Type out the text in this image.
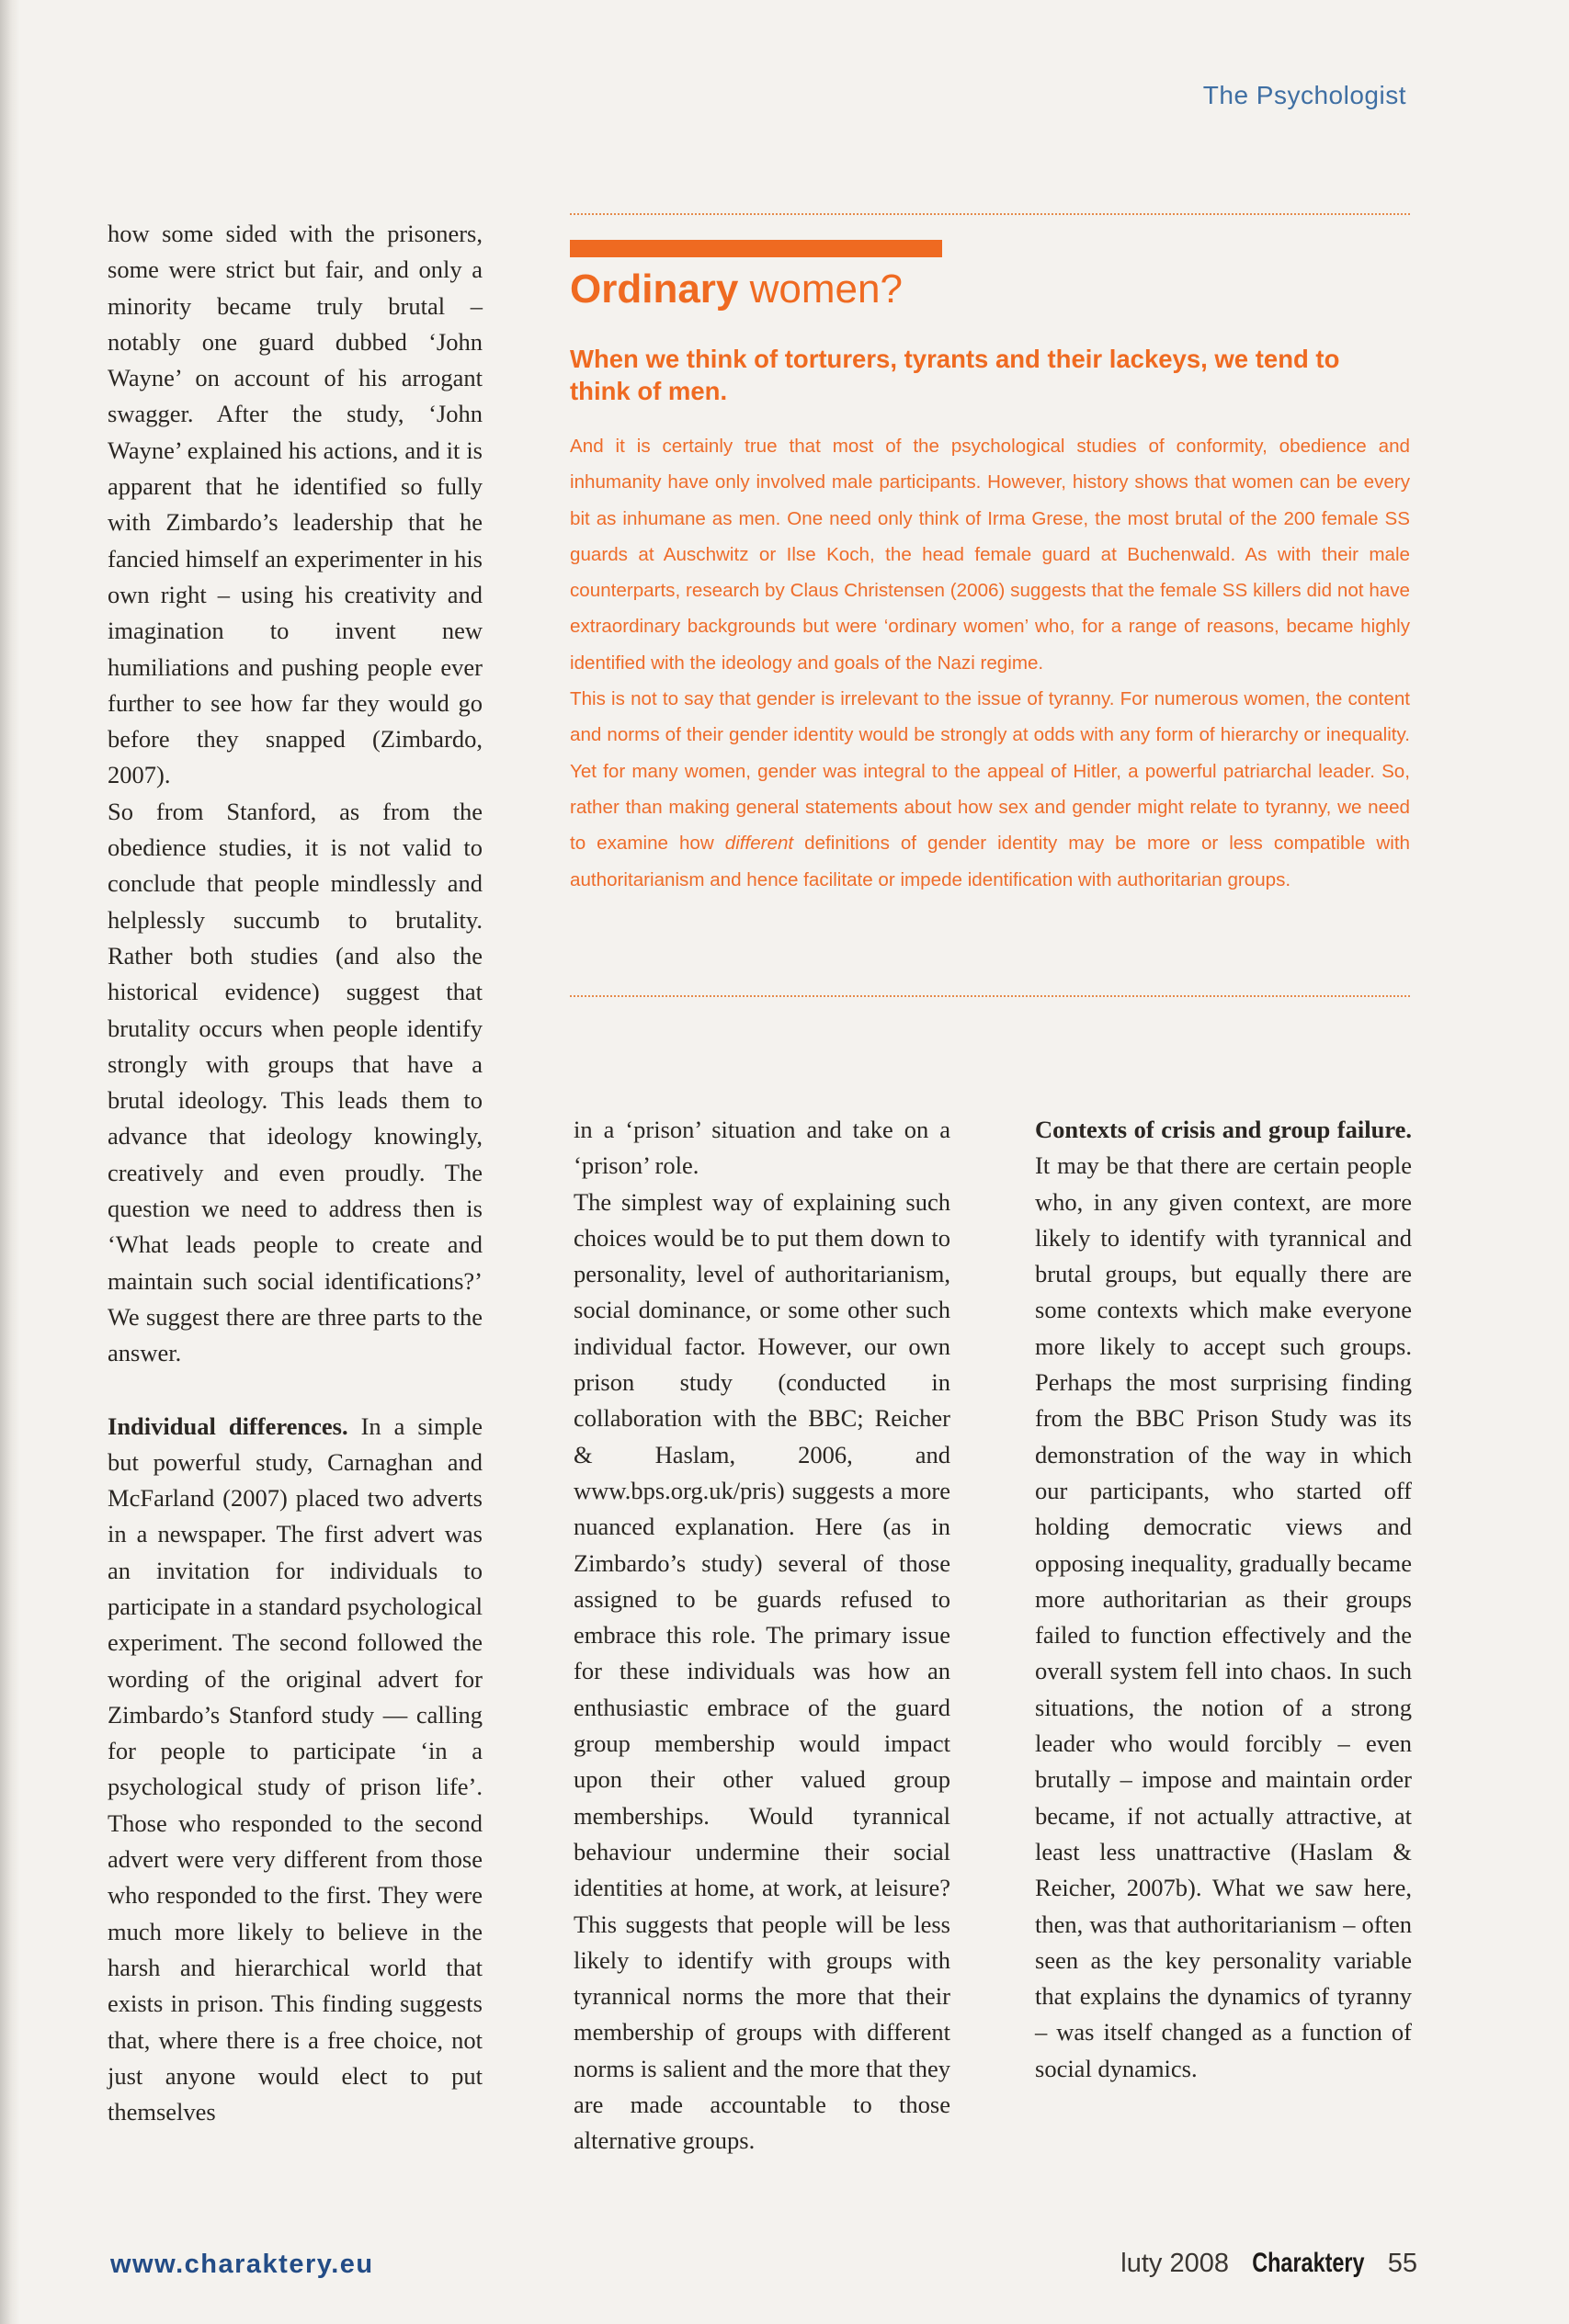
The Psychologist

how some sided with the prisoners, some were strict but fair, and only a minority became truly brutal – notably one guard dubbed ‘John Wayne’ on account of his arrogant swagger. After the study, ‘John Wayne’ explained his actions, and it is apparent that he identified so fully with Zimbardo’s leadership that he fancied himself an experimenter in his own right – using his creativity and imagination to invent new humiliations and pushing people ever further to see how far they would go before they snapped (Zimbardo, 2007).

So from Stanford, as from the obedience studies, it is not valid to conclude that people mindlessly and helplessly succumb to brutality. Rather both studies (and also the historical evidence) suggest that brutality occurs when people identify strongly with groups that have a brutal ideology. This leads them to advance that ideology knowingly, creatively and even proudly. The question we need to address then is ‘What leads people to create and maintain such social identifications?’ We suggest there are three parts to the answer.

Individual differences. In a simple but powerful study, Carnaghan and McFarland (2007) placed two adverts in a newspaper. The first advert was an invitation for individuals to participate in a standard psychological experiment. The second followed the wording of the original advert for Zimbardo’s Stanford study — calling for people to participate ‘in a psychological study of prison life’. Those who responded to the second advert were very different from those who responded to the first. They were much more likely to believe in the harsh and hierarchical world that exists in prison. This finding suggests that, where there is a free choice, not just anyone would elect to put themselves

Ordinary women?
When we think of torturers, tyrants and their lackeys, we tend to think of men.

And it is certainly true that most of the psychological studies of conformity, obedience and inhumanity have only involved male participants. However, history shows that women can be every bit as inhumane as men. One need only think of Irma Grese, the most brutal of the 200 female SS guards at Auschwitz or Ilse Koch, the head female guard at Buchenwald. As with their male counterparts, research by Claus Christensen (2006) suggests that the female SS killers did not have extraordinary backgrounds but were ‘ordinary women’ who, for a range of reasons, became highly identified with the ideology and goals of the Nazi regime.

This is not to say that gender is irrelevant to the issue of tyranny. For numerous women, the content and norms of their gender identity would be strongly at odds with any form of hierarchy or inequality. Yet for many women, gender was integral to the appeal of Hitler, a powerful patriarchal leader. So, rather than making general statements about how sex and gender might relate to tyranny, we need to examine how different definitions of gender identity may be more or less compatible with authoritarianism and hence facilitate or impede identification with authoritarian groups.

in a ‘prison’ situation and take on a ‘prison’ role.

The simplest way of explaining such choices would be to put them down to personality, level of authoritarianism, social dominance, or some other such individual factor. However, our own prison study (conducted in collaboration with the BBC; Reicher & Haslam, 2006, and www.bps.org.uk/pris) suggests a more nuanced explanation. Here (as in Zimbardo’s study) several of those assigned to be guards refused to embrace this role. The primary issue for these individuals was how an enthusiastic embrace of the guard group membership would impact upon their other valued group memberships. Would tyrannical behaviour undermine their social identities at home, at work, at leisure? This suggests that people will be less likely to identify with groups with tyrannical norms the more that their membership of groups with different norms is salient and the more that they are made accountable to those alternative groups.

Contexts of crisis and group failure. It may be that there are certain people who, in any given context, are more likely to identify with tyrannical and brutal groups, but equally there are some contexts which make everyone more likely to accept such groups. Perhaps the most surprising finding from the BBC Prison Study was its demonstration of the way in which our participants, who started off holding democratic views and opposing inequality, gradually became more authoritarian as their groups failed to function effectively and the overall system fell into chaos. In such situations, the notion of a strong leader who would forcibly – even brutally – impose and maintain order became, if not actually attractive, at least less unattractive (Haslam & Reicher, 2007b). What we saw here, then, was that authoritarianism – often seen as the key personality variable that explains the dynamics of tyranny – was itself changed as a function of social dynamics.

www.charaktery.eu	luty 2008 Charaktery 55
